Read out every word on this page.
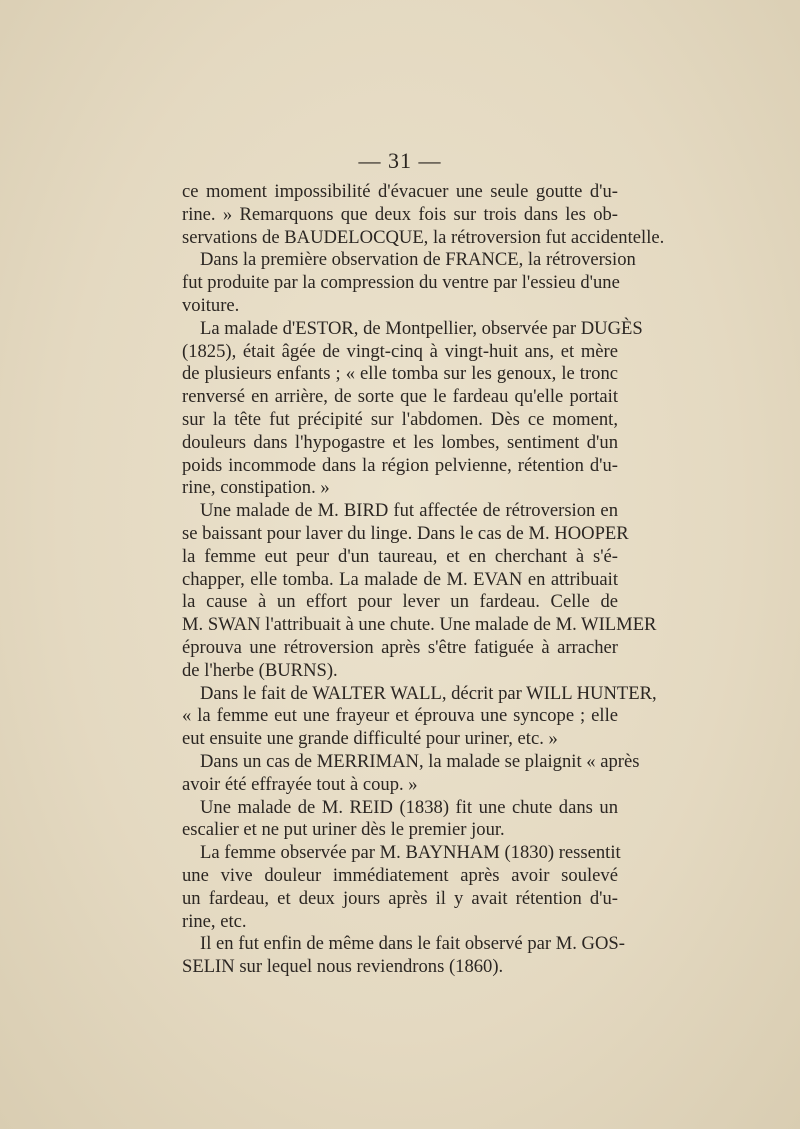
— 31 —
ce moment impossibilité d'évacuer une seule goutte d'u-
rine. » Remarquons que deux fois sur trois dans les ob-
servations de BAUDELOCQUE, la rétroversion fut accidentelle.
Dans la première observation de FRANCE, la rétroversion
fut produite par la compression du ventre par l'essieu d'une
voiture.
La malade d'ESTOR, de Montpellier, observée par DUGÈS
(1825), était âgée de vingt-cinq à vingt-huit ans, et mère
de plusieurs enfants ; « elle tomba sur les genoux, le tronc
renversé en arrière, de sorte que le fardeau qu'elle portait
sur la tête fut précipité sur l'abdomen. Dès ce moment,
douleurs dans l'hypogastre et les lombes, sentiment d'un
poids incommode dans la région pelvienne, rétention d'u-
rine, constipation. »
Une malade de M. BIRD fut affectée de rétroversion en
se baissant pour laver du linge. Dans le cas de M. HOOPER
la femme eut peur d'un taureau, et en cherchant à s'é-
chapper, elle tomba. La malade de M. EVAN en attribuait
la cause à un effort pour lever un fardeau. Celle de
M. SWAN l'attribuait à une chute. Une malade de M. WILMER
éprouva une rétroversion après s'être fatiguée à arracher
de l'herbe (BURNS).
Dans le fait de WALTER WALL, décrit par WILL HUNTER,
« la femme eut une frayeur et éprouva une syncope ; elle
eut ensuite une grande difficulté pour uriner, etc. »
Dans un cas de MERRIMAN, la malade se plaignit « après
avoir été effrayée tout à coup. »
Une malade de M. REID (1838) fit une chute dans un
escalier et ne put uriner dès le premier jour.
La femme observée par M. BAYNHAM (1830) ressentit
une vive douleur immédiatement après avoir soulevé
un fardeau, et deux jours après il y avait rétention d'u-
rine, etc.
Il en fut enfin de même dans le fait observé par M. GOS-
SELIN sur lequel nous reviendrons (1860).
